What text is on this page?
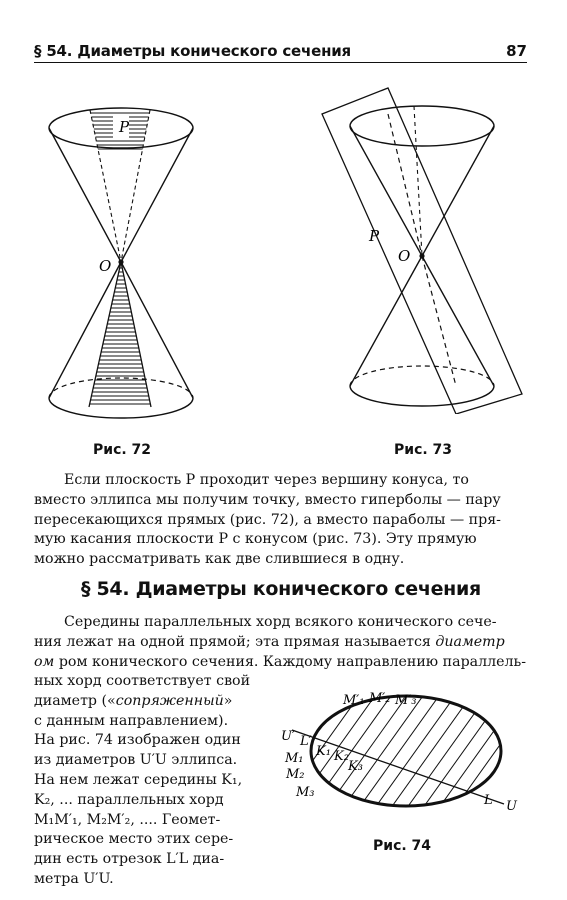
§ 54. Диаметры конического сечения	87
P
O
Рис. 72
P
O
Рис. 73
Если плоскость P проходит через вершину конуса, то
вместо эллипса мы получим точку, вместо гиперболы — пару
пересекающихся прямых (рис. 72), а вместо параболы — пря-
мую касания плоскости P с конусом (рис. 73). Эту прямую
можно рассматривать как две слившиеся в одну.
§ 54. Диаметры конического сечения
Середины параллельных хорд всякого конического сече-
ния лежат на одной прямой; эта прямая называется диаметр
ом ром конического сечения. Каждому направлению параллель-
ных хорд соответствует свой
диаметр («сопряженный»
с данным направлением).
На рис. 74 изображен один
из диаметров U′U эллипса.
На нем лежат середины K₁,
K₂, ... параллельных хорд
M₁M′₁, M₂M′₂, .... Геомет-
рическое место этих сере-
дин есть отрезок L′L диа-
метра U′U.
M′₁ M′₂ M′₃
U′ L′
M₁ K₁ K₂
K₃
M₂
M₃
L U
Рис. 74
